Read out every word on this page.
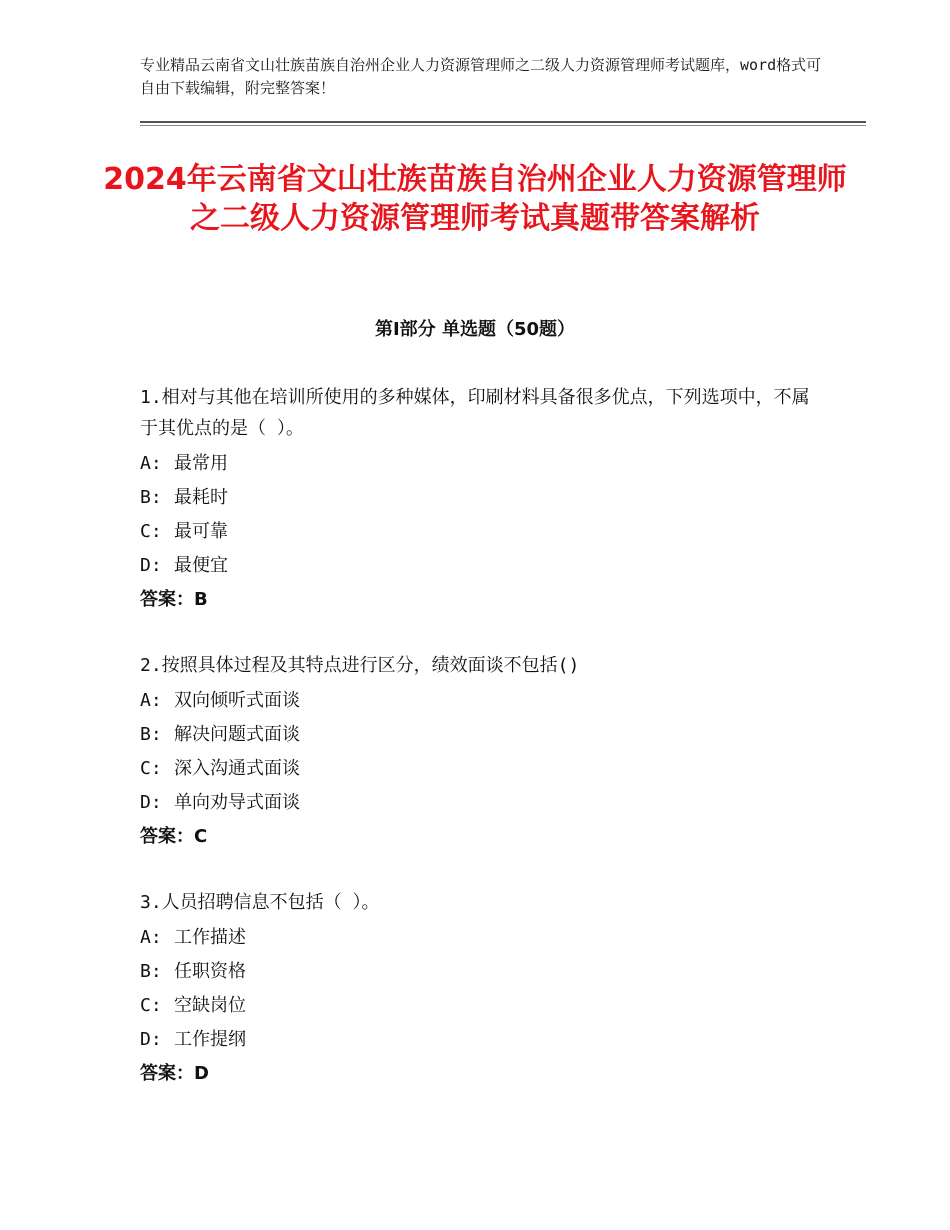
专业精品云南省文山壮族苗族自治州企业人力资源管理师之二级人力资源管理师考试题库，word格式可自由下载编辑，附完整答案！
2024年云南省文山壮族苗族自治州企业人力资源管理师之二级人力资源管理师考试真题带答案解析
第Ⅰ部分 单选题（50题）
1.相对与其他在培训所使用的多种媒体，印刷材料具备很多优点，下列选项中，不属于其优点的是（ ）。
A: 最常用
B: 最耗时
C: 最可靠
D: 最便宜
答案：B
2.按照具体过程及其特点进行区分，绩效面谈不包括()
A: 双向倾听式面谈
B: 解决问题式面谈
C: 深入沟通式面谈
D: 单向劝导式面谈
答案：C
3.人员招聘信息不包括（ ）。
A: 工作描述
B: 任职资格
C: 空缺岗位
D: 工作提纲
答案：D
